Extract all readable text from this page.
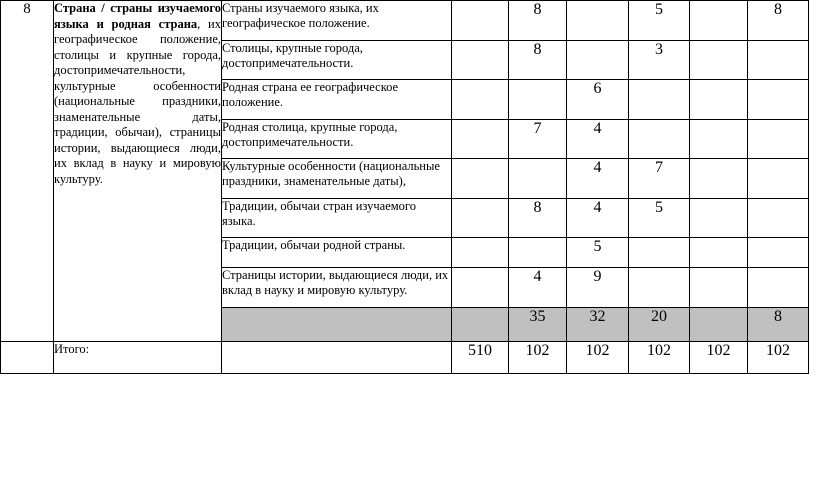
8	Страна / страны изучаемого языка и родная страна, их географическое положение, столицы и крупные города, достопримечательности, культурные особенности (национальные праздники, знаменательные даты, традиции, обычаи), страницы истории, выдающиеся люди, их вклад в науку и мировую культуру.	Страны изучаемого языка, их географическое положение.		8		5		8
		Столицы, крупные города, достопримечательности.		8		3		
		Родная страна ее географическое положение.			6			
		Родная столица, крупные города, достопримечательности.		7	4			
		Культурные особенности (национальные праздники, знаменательные даты),			4	7		
		Традиции, обычаи стран изучаемого языка.		8	4	5		
		Традиции, обычаи родной страны.			5			
		Страницы истории, выдающиеся люди, их вклад в науку и мировую культуру.		4	9			
				35	32	20		8
	Итого:		510	102	102	102	102	102
